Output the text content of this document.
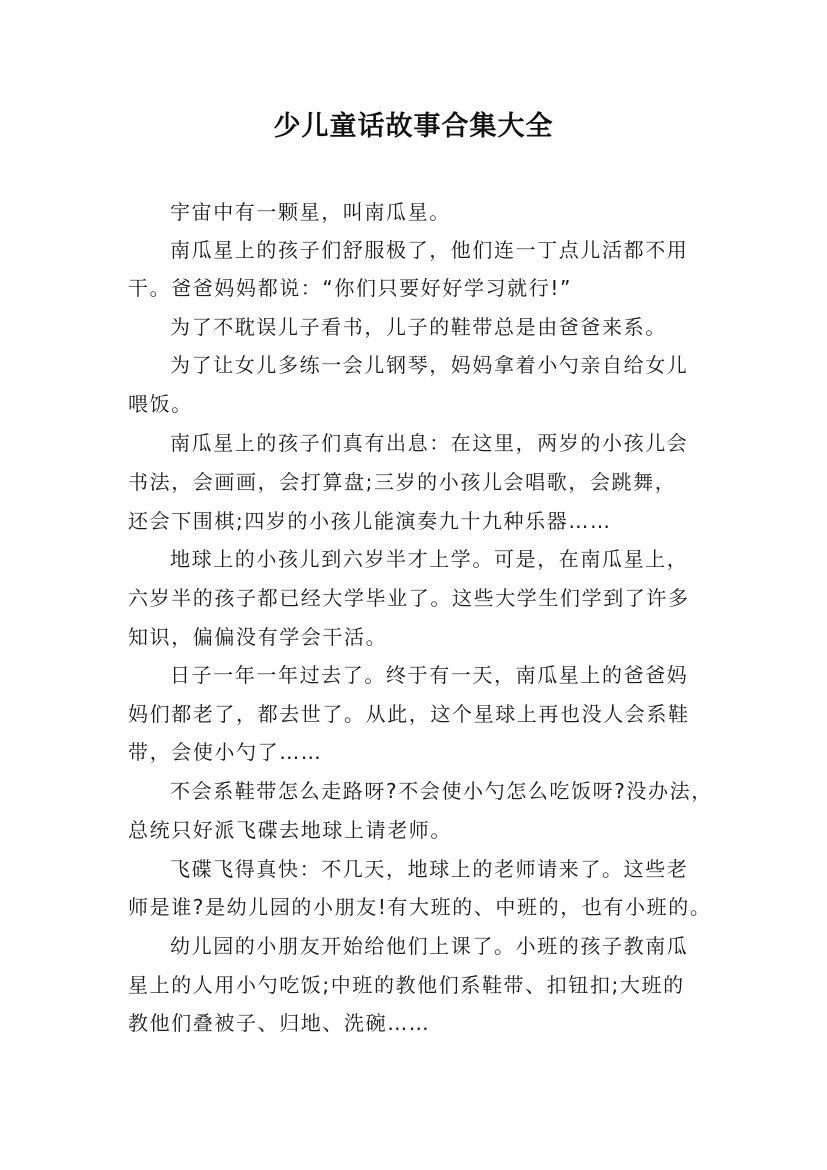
少儿童话故事合集大全

宇宙中有一颗星，叫南瓜星。

南瓜星上的孩子们舒服极了，他们连一丁点儿活都不用

干。爸爸妈妈都说：“你们只要好好学习就行!”

为了不耽误儿子看书，儿子的鞋带总是由爸爸来系。

为了让女儿多练一会儿钢琴，妈妈拿着小勺亲自给女儿

喂饭。

南瓜星上的孩子们真有出息：在这里，两岁的小孩儿会

书法，会画画，会打算盘;三岁的小孩儿会唱歌，会跳舞，

还会下围棋;四岁的小孩儿能演奏九十九种乐器……

地球上的小孩儿到六岁半才上学。可是，在南瓜星上，

六岁半的孩子都已经大学毕业了。这些大学生们学到了许多

知识，偏偏没有学会干活。

日子一年一年过去了。终于有一天，南瓜星上的爸爸妈

妈们都老了，都去世了。从此，这个星球上再也没人会系鞋

带，会使小勺了……

不会系鞋带怎么走路呀?不会使小勺怎么吃饭呀?没办法，

总统只好派飞碟去地球上请老师。

飞碟飞得真快：不几天，地球上的老师请来了。这些老

师是谁?是幼儿园的小朋友!有大班的、中班的，也有小班的。

幼儿园的小朋友开始给他们上课了。小班的孩子教南瓜

星上的人用小勺吃饭;中班的教他们系鞋带、扣钮扣;大班的

教他们叠被子、归地、洗碗……
